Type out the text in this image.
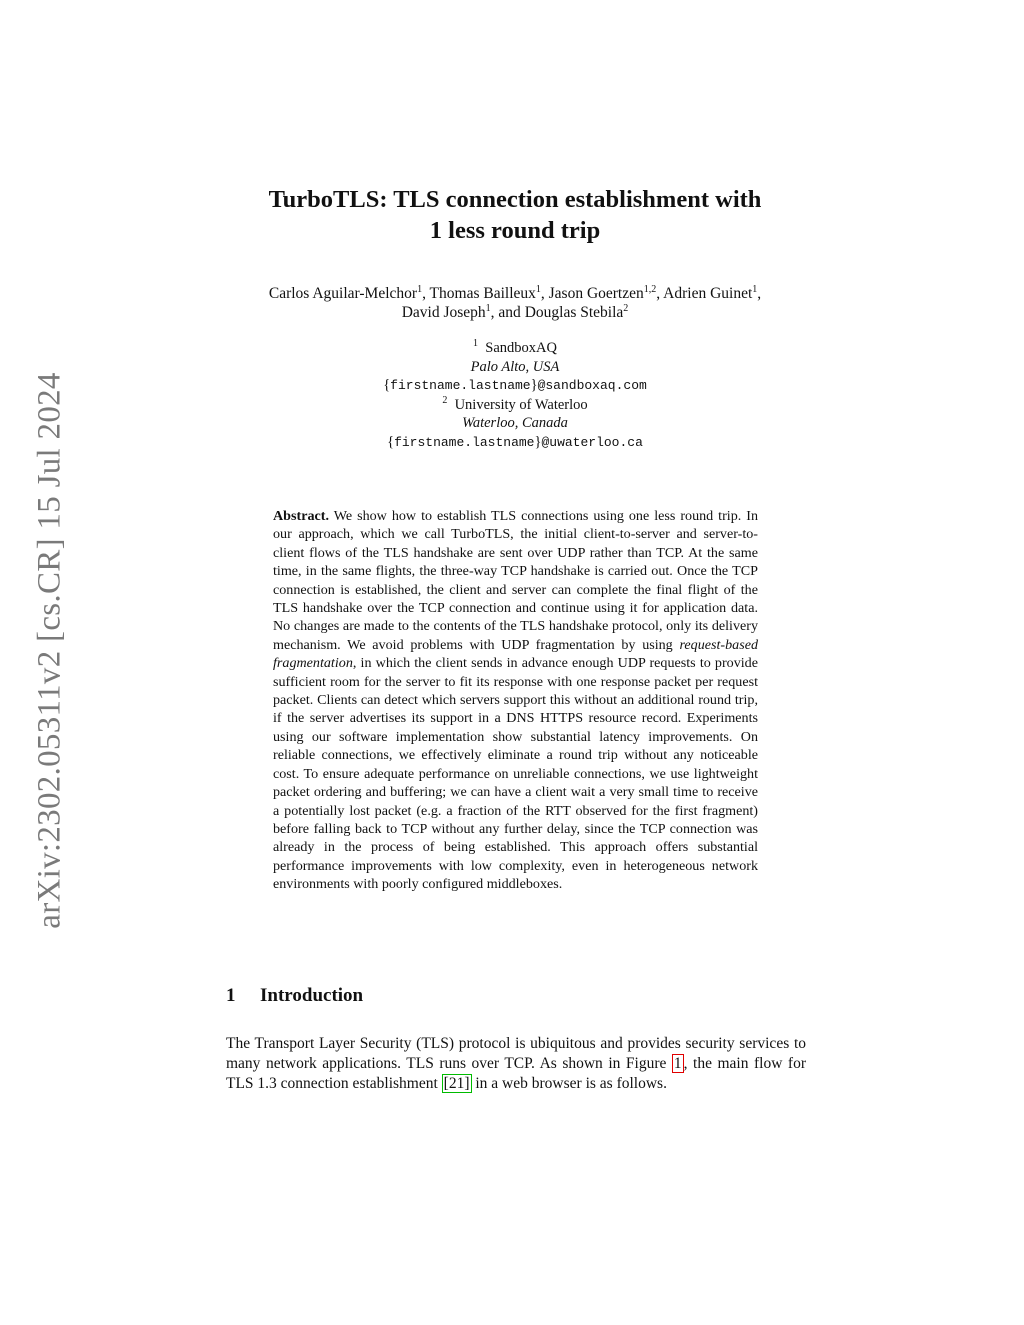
arXiv:2302.05311v2 [cs.CR] 15 Jul 2024
TurboTLS: TLS connection establishment with
1 less round trip
Carlos Aguilar-Melchor$^1$, Thomas Bailleux$^1$, Jason Goertzen$^{1,2}$, Adrien Guinet$^1$,
David Joseph$^1$, and Douglas Stebila$^2$
$^1$ SandboxAQ
Palo Alto, USA
{firstname.lastname}@sandboxaq.com
$^2$ University of Waterloo
Waterloo, Canada
{firstname.lastname}@uwaterloo.ca
Abstract. We show how to establish TLS connections using one less round trip. In our approach, which we call TurboTLS, the initial client-to-server and server-to-client flows of the TLS handshake are sent over UDP rather than TCP. At the same time, in the same flights, the three-way TCP handshake is carried out. Once the TCP connection is established, the client and server can complete the final flight of the TLS handshake over the TCP connection and continue using it for application data. No changes are made to the contents of the TLS handshake protocol, only its delivery mechanism. We avoid problems with UDP fragmentation by using request-based fragmentation, in which the client sends in advance enough UDP requests to provide sufficient room for the server to fit its response with one response packet per request packet. Clients can detect which servers support this without an additional round trip, if the server advertises its support in a DNS HTTPS resource record. Experiments using our software implementation show substantial latency improvements. On reliable connections, we effectively eliminate a round trip without any noticeable cost. To ensure adequate performance on unreliable connections, we use lightweight packet ordering and buffering; we can have a client wait a very small time to receive a potentially lost packet (e.g. a fraction of the RTT observed for the first fragment) before falling back to TCP without any further delay, since the TCP connection was already in the process of being established. This approach offers substantial performance improvements with low complexity, even in heterogeneous network environments with poorly configured middleboxes.
1 Introduction
The Transport Layer Security (TLS) protocol is ubiquitous and provides security services to many network applications. TLS runs over TCP. As shown in Figure 1 , the main flow for TLS 1.3 connection establishment [21] in a web browser is as follows.
